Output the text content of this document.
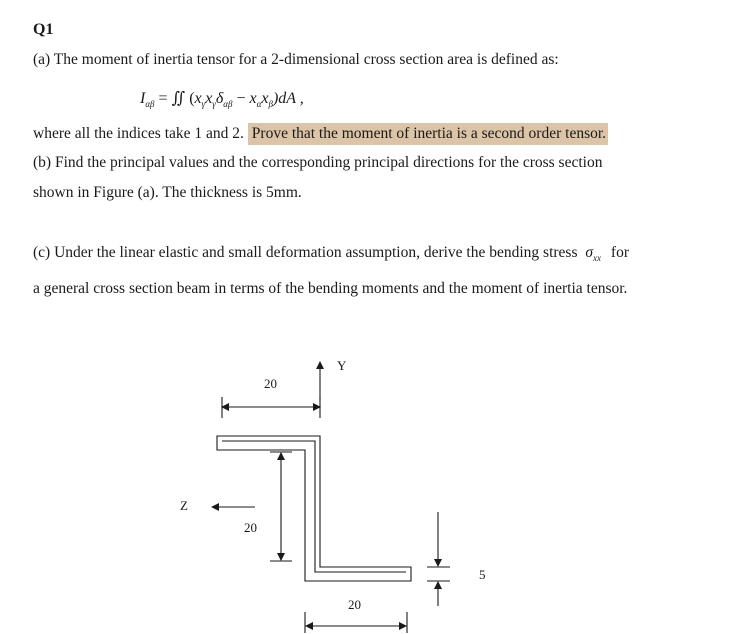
Q1
(a) The moment of inertia tensor for a 2-dimensional cross section area is defined as:
$I_{\alpha\beta}$ = ∬ $(x_\gamma x_\gamma\delta_{\alpha\beta} - x_\alpha x_\beta)dA$ ,
where all the indices take 1 and 2. Prove that the moment of inertia is a second order tensor.
(b) Find the principal values and the corresponding principal directions for the cross section
shown in Figure (a). The thickness is 5mm.
(c) Under the linear elastic and small deformation assumption, derive the bending stress $\sigma_{xx}$ for
a general cross section beam in terms of the bending moments and the moment of inertia tensor.
Y
Z
20
20
20
5
